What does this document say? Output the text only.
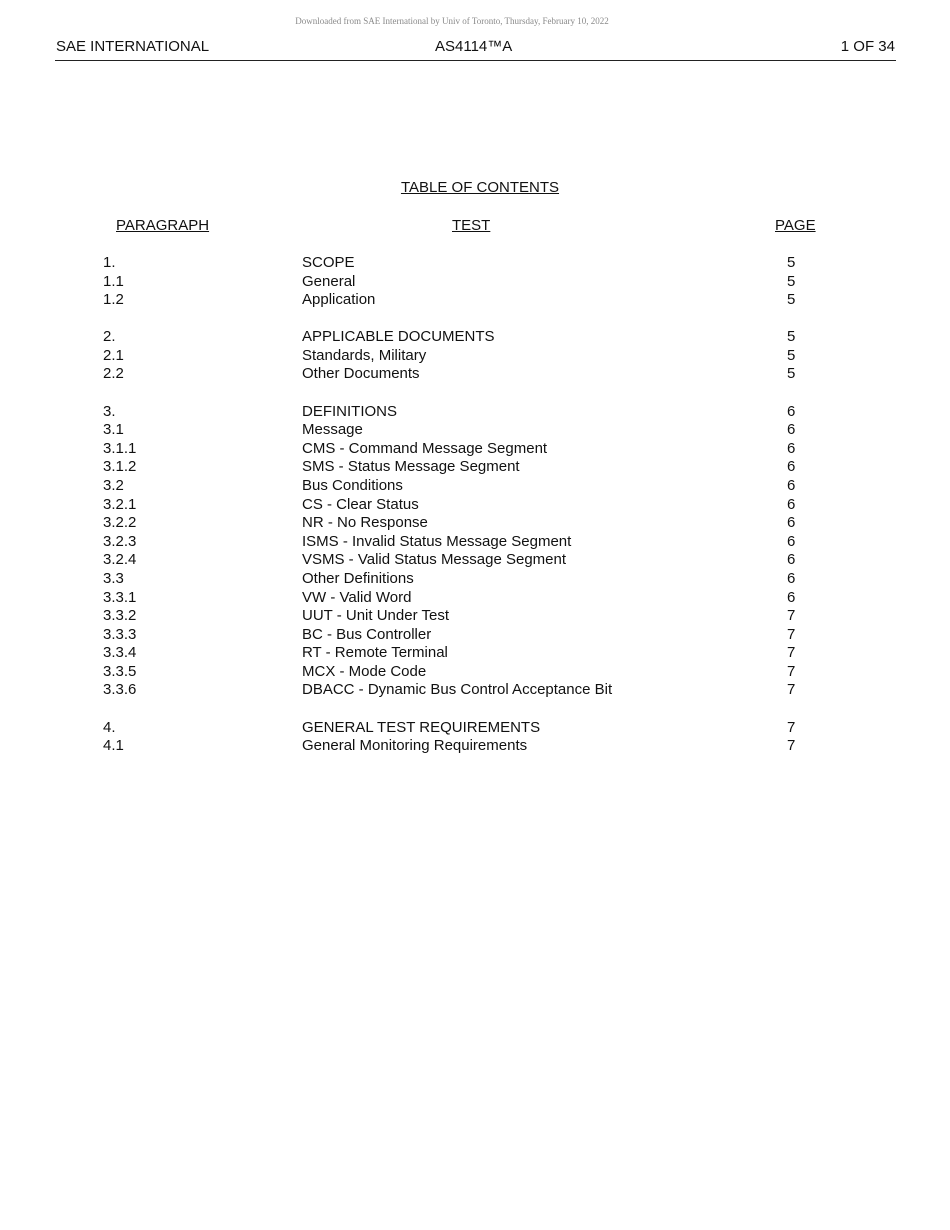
Downloaded from SAE International by Univ of Toronto, Thursday, February 10, 2022
SAE INTERNATIONAL	AS4114™A	1 OF 34
TABLE OF CONTENTS
PARAGRAPH	TEST	PAGE
1.	SCOPE	5
1.1	General	5
1.2	Application	5
2.	APPLICABLE DOCUMENTS	5
2.1	Standards, Military	5
2.2	Other Documents	5
3.	DEFINITIONS	6
3.1	Message	6
3.1.1	CMS - Command Message Segment	6
3.1.2	SMS - Status Message Segment	6
3.2	Bus Conditions	6
3.2.1	CS - Clear Status	6
3.2.2	NR - No Response	6
3.2.3	ISMS - Invalid Status Message Segment	6
3.2.4	VSMS - Valid Status Message Segment	6
3.3	Other Definitions	6
3.3.1	VW - Valid Word	6
3.3.2	UUT - Unit Under Test	7
3.3.3	BC - Bus Controller	7
3.3.4	RT - Remote Terminal	7
3.3.5	MCX - Mode Code	7
3.3.6	DBACC - Dynamic Bus Control Acceptance Bit	7
4.	GENERAL TEST REQUIREMENTS	7
4.1	General Monitoring Requirements	7
